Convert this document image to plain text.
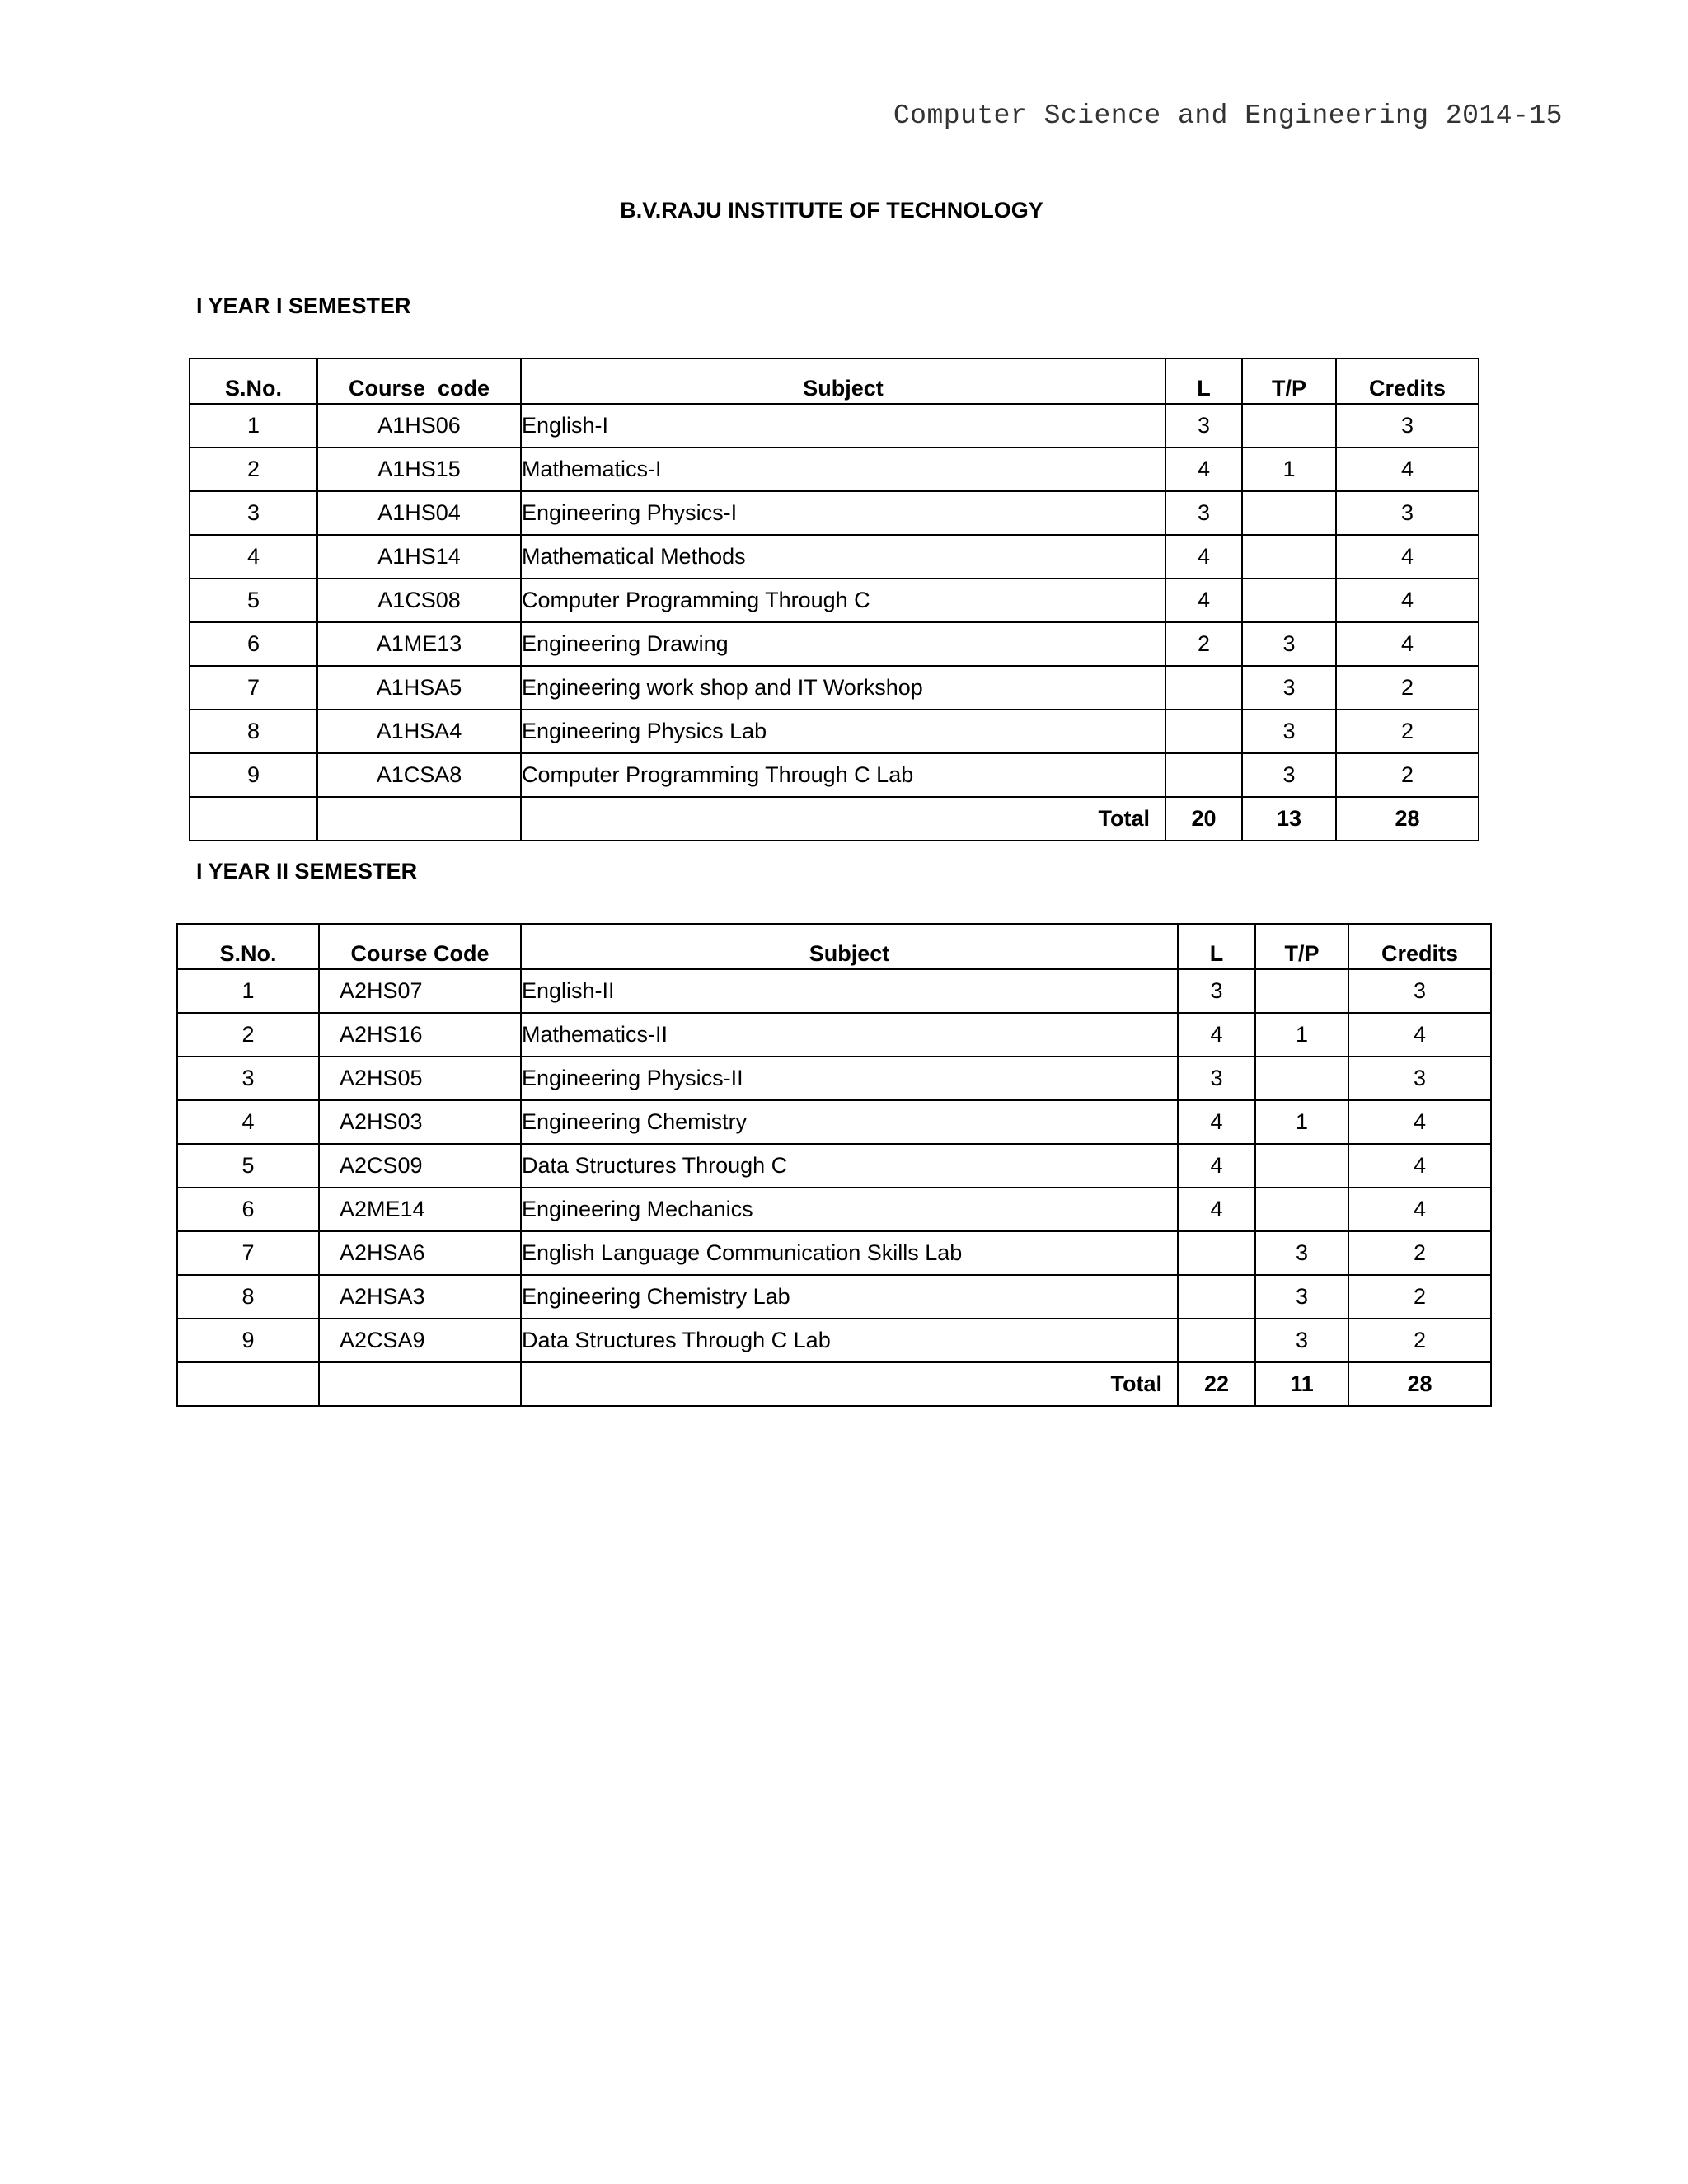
Computer Science and Engineering 2014-15
B.V.RAJU INSTITUTE OF TECHNOLOGY
I YEAR I SEMESTER
S.No.	Course  code	Subject	L	T/P	Credits
1	A1HS06	English-I	3		3
2	A1HS15	Mathematics-I	4	1	4
3	A1HS04	Engineering Physics-I	3		3
4	A1HS14	Mathematical Methods	4		4
5	A1CS08	Computer Programming Through C	4		4
6	A1ME13	Engineering Drawing	2	3	4
7	A1HSA5	Engineering work shop and IT Workshop		3	2
8	A1HSA4	Engineering Physics Lab		3	2
9	A1CSA8	Computer Programming Through C Lab		3	2
		Total	20	13	28
I YEAR II SEMESTER
S.No.	Course Code	Subject	L	T/P	Credits
1	A2HS07	English-II	3		3
2	A2HS16	Mathematics-II	4	1	4
3	A2HS05	Engineering Physics-II	3		3
4	A2HS03	Engineering Chemistry	4	1	4
5	A2CS09	Data Structures Through C	4		4
6	A2ME14	Engineering Mechanics	4		4
7	A2HSA6	English Language Communication Skills Lab		3	2
8	A2HSA3	Engineering Chemistry Lab		3	2
9	A2CSA9	Data Structures Through C Lab		3	2
		Total	22	11	28
